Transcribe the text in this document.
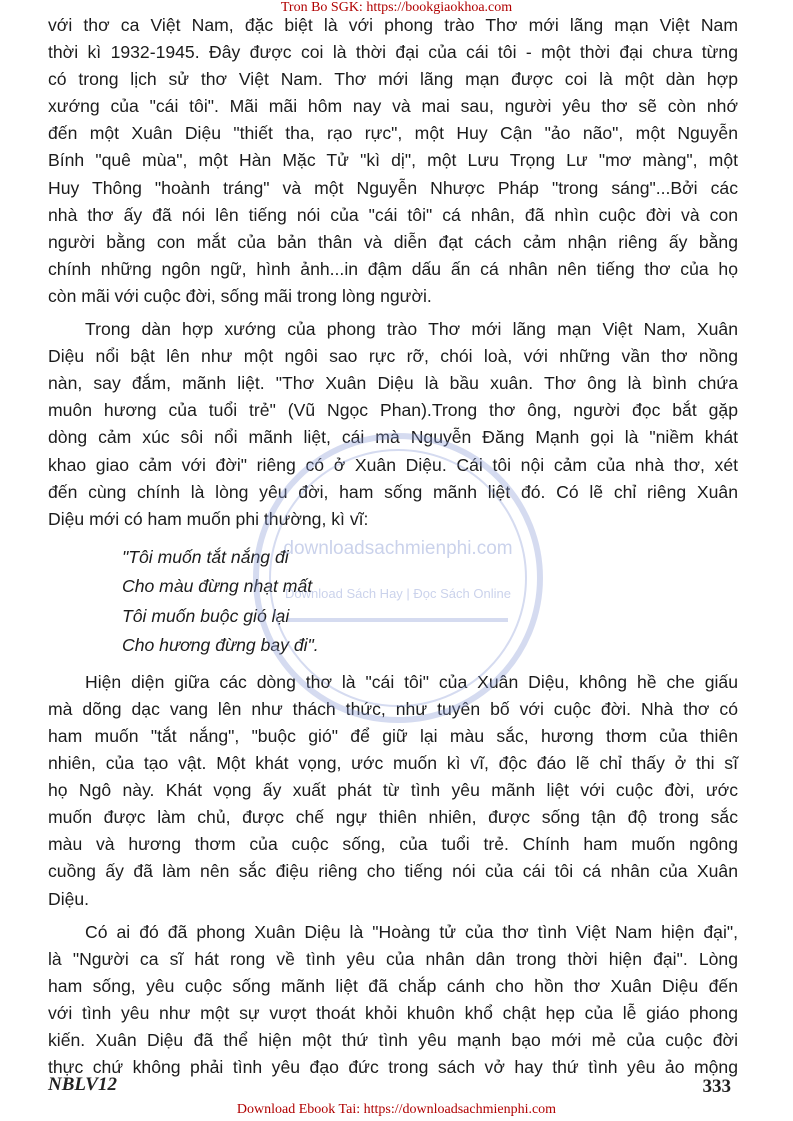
Tron Bo SGK: https://bookgiaokhoa.com

với thơ ca Việt Nam, đặc biệt là với phong trào Thơ mới lãng mạn Việt Nam

thời kì 1932-1945. Đây được coi là thời đại của cái tôi - một thời đại chưa từng

có trong lịch sử thơ Việt Nam. Thơ mới lãng mạn được coi là một dàn hợp

xướng của "cái tôi". Mãi mãi hôm nay và mai sau, người yêu thơ sẽ còn nhớ

đến một Xuân Diệu "thiết tha, rạo rực", một Huy Cận "ảo não", một Nguyễn

Bính "quê mùa", một Hàn Mặc Tử "kì dị", một Lưu Trọng Lư "mơ màng", một

Huy Thông "hoành tráng" và một Nguyễn Nhược Pháp "trong sáng"...Bởi các

nhà thơ ấy đã nói lên tiếng nói của "cái tôi" cá nhân, đã nhìn cuộc đời và con

người bằng con mắt của bản thân và diễn đạt cách cảm nhận riêng ấy bằng

chính những ngôn ngữ, hình ảnh...in đậm dấu ấn cá nhân nên tiếng thơ của họ

còn mãi với cuộc đời, sống mãi trong lòng người.

Trong dàn hợp xướng của phong trào Thơ mới lãng mạn Việt Nam, Xuân

Diệu nổi bật lên như một ngôi sao rực rỡ, chói loà, với những vần thơ nồng

nàn, say đắm, mãnh liệt. "Thơ Xuân Diệu là bầu xuân. Thơ ông là bình chứa

muôn hương của tuổi trẻ" (Vũ Ngọc Phan).Trong thơ ông, người đọc bắt gặp

dòng cảm xúc sôi nổi mãnh liệt, cái mà Nguyễn Đăng Mạnh gọi là "niềm khát

khao giao cảm với đời" riêng có ở Xuân Diệu. Cái tôi nội cảm của nhà thơ, xét

đến cùng chính là lòng yêu đời, ham sống mãnh liệt đó. Có lẽ chỉ riêng Xuân

Diệu mới có ham muốn phi thường, kì vĩ:

"Tôi muốn tắt nắng đi
Cho màu đừng nhạt mất
Tôi muốn buộc gió lại
Cho hương đừng bay đi".

Hiện diện giữa các dòng thơ là "cái tôi" của Xuân Diệu, không hề che giấu

mà dõng dạc vang lên như thách thức, như tuyên bố với cuộc đời. Nhà thơ có

ham muốn "tắt nắng", "buộc gió" để giữ lại màu sắc, hương thơm của thiên

nhiên, của tạo vật. Một khát vọng, ước muốn kì vĩ, độc đáo lẽ chỉ thấy ở thi sĩ

họ Ngô này. Khát vọng ấy xuất phát từ tình yêu mãnh liệt với cuộc đời, ước

muốn được làm chủ, được chế ngự thiên nhiên, được sống tận độ trong sắc

màu và hương thơm của cuộc sống, của tuổi trẻ. Chính ham muốn ngông

cuồng ấy đã làm nên sắc điệu riêng cho tiếng nói của cái tôi cá nhân của Xuân

Diệu.

Có ai đó đã phong Xuân Diệu là "Hoàng tử của thơ tình Việt Nam hiện đại",

là "Người ca sĩ hát rong về tình yêu của nhân dân trong thời hiện đại". Lòng

ham sống, yêu cuộc sống mãnh liệt đã chắp cánh cho hồn thơ Xuân Diệu đến

với tình yêu như một sự vượt thoát khỏi khuôn khổ chật hẹp của lễ giáo phong

kiến. Xuân Diệu đã thể hiện một thứ tình yêu mạnh bạo mới mẻ của cuộc đời

thực chứ không phải tình yêu đạo đức trong sách vở hay thứ tình yêu ảo mộng

downloadsachmienphi.com
Download Sách Hay | Đọc Sách Online
NBLV12	333
Download Ebook Tai: https://downloadsachmienphi.com
